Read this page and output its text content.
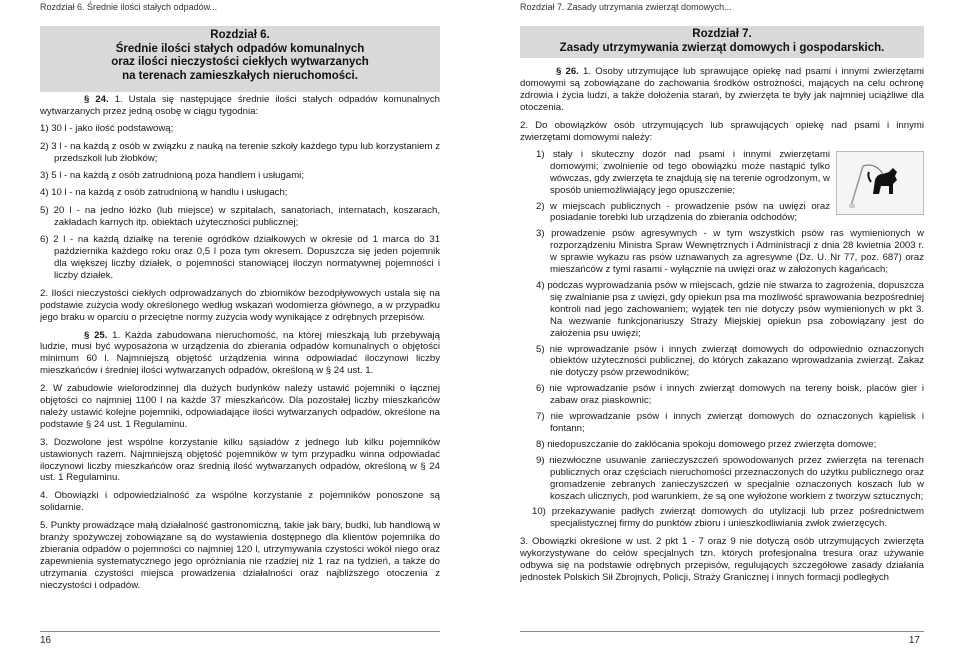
Rozdział 6. Średnie ilości stałych odpadów...
Rozdział 6.
Średnie ilości stałych odpadów komunalnych
oraz ilości nieczystości ciekłych wytwarzanych
na terenach zamieszkałych nieruchomości.

§ 24. 1. Ustala się następujące średnie ilości stałych odpadów komunalnych wytwarzanych przez jedną osobę w ciągu tygodnia:

1) 30 l - jako ilość podstawową;

2) 3 l - na każdą z osób w związku z nauką na terenie szkoły każdego typu lub korzystaniem z przedszkoli lub żłobków;

3) 5 l - na każdą z osób zatrudnioną poza handlem i usługami;

4) 10 l - na każdą z osób zatrudnioną w handlu i usługach;

5) 20 l - na jedno łóżko (lub miejsce) w szpitalach, sanatoriach, internatach, koszarach, zakładach karnych itp. obiektach użyteczności publicznej;

6) 2 l - na każdą działkę na terenie ogródków działkowych w okresie od 1 marca do 31 października każdego roku oraz 0,5 l poza tym okresem. Dopuszcza się jeden pojemnik dla większej liczby działek, o pojemności stanowiącej iloczyn normatywnej pojemności i liczby działek.

2. Ilości nieczystości ciekłych odprowadzanych do zbiorników bezodpływowych ustala się na podstawie zużycia wody określonego według wskazań wodomierza głównego, a w przypadku jego braku w oparciu o przeciętne normy zużycia wody wynikające z odrębnych przepisów.

§ 25. 1. Każda zabudowana nieruchomość, na której mieszkają lub przebywają ludzie, musi być wyposażona w urządzenia do zbierania odpadów komunalnych o objętości minimum 60 l. Najmniejszą objętość urządzenia winna odpowiadać iloczynowi liczby mieszkańców i średniej ilości wytwarzanych odpadów, określoną w § 24 ust. 1.

2. W zabudowie wielorodzinnej dla dużych budynków należy ustawić pojemniki o łącznej objętości co najmniej 1100 l na każde 37 mieszkańców. Dla pozostałej liczby mieszkańców należy ustawić kolejne pojemniki, odpowiadające ilości wytwarzanych odpadów, określone na podstawie § 24 ust. 1 Regulaminu.

3. Dozwolone jest wspólne korzystanie kilku sąsiadów z jednego lub kilku pojemników ustawionych razem. Najmniejszą objętość pojemników w tym przypadku winna odpowiadać iloczynowi liczby mieszkańców oraz średnią ilość wytwarzanych odpadów, określoną w § 24 ust. 1 Regulaminu.

4. Obowiązki i odpowiedzialność za wspólne korzystanie z pojemników ponoszone są solidarnie.

5. Punkty prowadzące małą działalność gastronomiczną, takie jak bary, budki, lub handlową w branży spożywczej zobowiązane są do wystawienia dostępnego dla klientów pojemnika do zbierania odpadów o pojemności co najmniej 120 l, utrzymywania czystości wokół niego oraz zapewnienia systematycznego jego opróżniania nie rzadziej niż 1 raz na tydzień, a także do utrzymania czystości miejsca prowadzenia działalności oraz najbliższego otoczenia z nieczystości i odpadów.

16
Rozdział 7. Zasady utrzymania zwierząt domowych...
Rozdział 7.
Zasady utrzymywania zwierząt domowych i gospodarskich.

§ 26. 1. Osoby utrzymujące lub sprawujące opiekę nad psami i innymi zwierzętami domowymi są zobowiązane do zachowania środków ostrożności, mających na celu ochronę zdrowia i życia ludzi, a także dołożenia starań, by zwierzęta te były jak najmniej uciążliwe dla otoczenia.

2. Do obowiązków osób utrzymujących lub sprawujących opiekę nad psami i innymi zwierzętami domowymi należy:

1) stały i skuteczny dozór nad psami i innymi zwierzętami domowymi; zwolnienie od tego obowiązku może nastąpić tylko wówczas, gdy zwierzęta te znajdują się na terenie ogrodzonym, w sposób uniemożliwiający jego opuszczenie;

2) w miejscach publicznych - prowadzenie psów na uwięzi oraz posiadanie torebki lub urządzenia do zbierania odchodów;

3) prowadzenie psów agresywnych - w tym wszystkich psów ras wymienionych w rozporządzeniu Ministra Spraw Wewnętrznych i Administracji z dnia 28 kwietnia 2003 r. w sprawie wykazu ras psów uznawanych za agresywne (Dz. U. Nr 77, poz. 687) oraz mieszańców z tymi rasami - wyłącznie na uwięzi oraz w założonych kagańcach;

4) podczas wyprowadzania psów w miejscach, gdzie nie stwarza to zagrożenia, dopuszcza się zwalnianie psa z uwięzi, gdy opiekun psa ma możliwość sprawowania bezpośredniej kontroli nad jego zachowaniem; wyjątek ten nie dotyczy psów wymienionych w pkt 3. Na wezwanie funkcjonariuszy Straży Miejskiej opiekun psa zobowiązany jest do założenia psu uwięzi;

5) nie wprowadzanie psów i innych zwierząt domowych do odpowiednio oznaczonych obiektów użyteczności publicznej, do których zakazano wprowadzania zwierząt. Zakaz nie dotyczy psów przewodników;

6) nie wprowadzanie psów i innych zwierząt domowych na tereny boisk, placów gier i zabaw oraz piaskownic;

7) nie wprowadzanie psów i innych zwierząt domowych do oznaczonych kąpielisk i fontann;

8) niedopuszczanie do zakłócania spokoju domowego przez zwierzęta domowe;

9) niezwłoczne usuwanie zanieczyszczeń spowodowanych przez zwierzęta na terenach publicznych oraz częściach nieruchomości przeznaczonych do użytku publicznego oraz gromadzenie zebranych zanieczyszczeń w specjalnie oznaczonych koszach lub w koszach ulicznych, pod warunkiem, że są one wyłożone workiem z tworzyw sztucznych;

10) przekazywanie padłych zwierząt domowych do utylizacji lub przez pośrednictwem specjalistycznej firmy do punktów zbioru i unieszkodliwiania zwłok zwierzęcych.

3. Obowiązki określone w ust. 2 pkt 1 - 7 oraz 9 nie dotyczą osób utrzymujących zwierzęta wykorzystywane do celów specjalnych tzn. których profesjonalna tresura oraz używanie odbywa się na podstawie odrębnych przepisów, regulujących szczegółowe zasady działania jednostek Polskich Sił Zbrojnych, Policji, Straży Granicznej i innych formacji podległych

17
